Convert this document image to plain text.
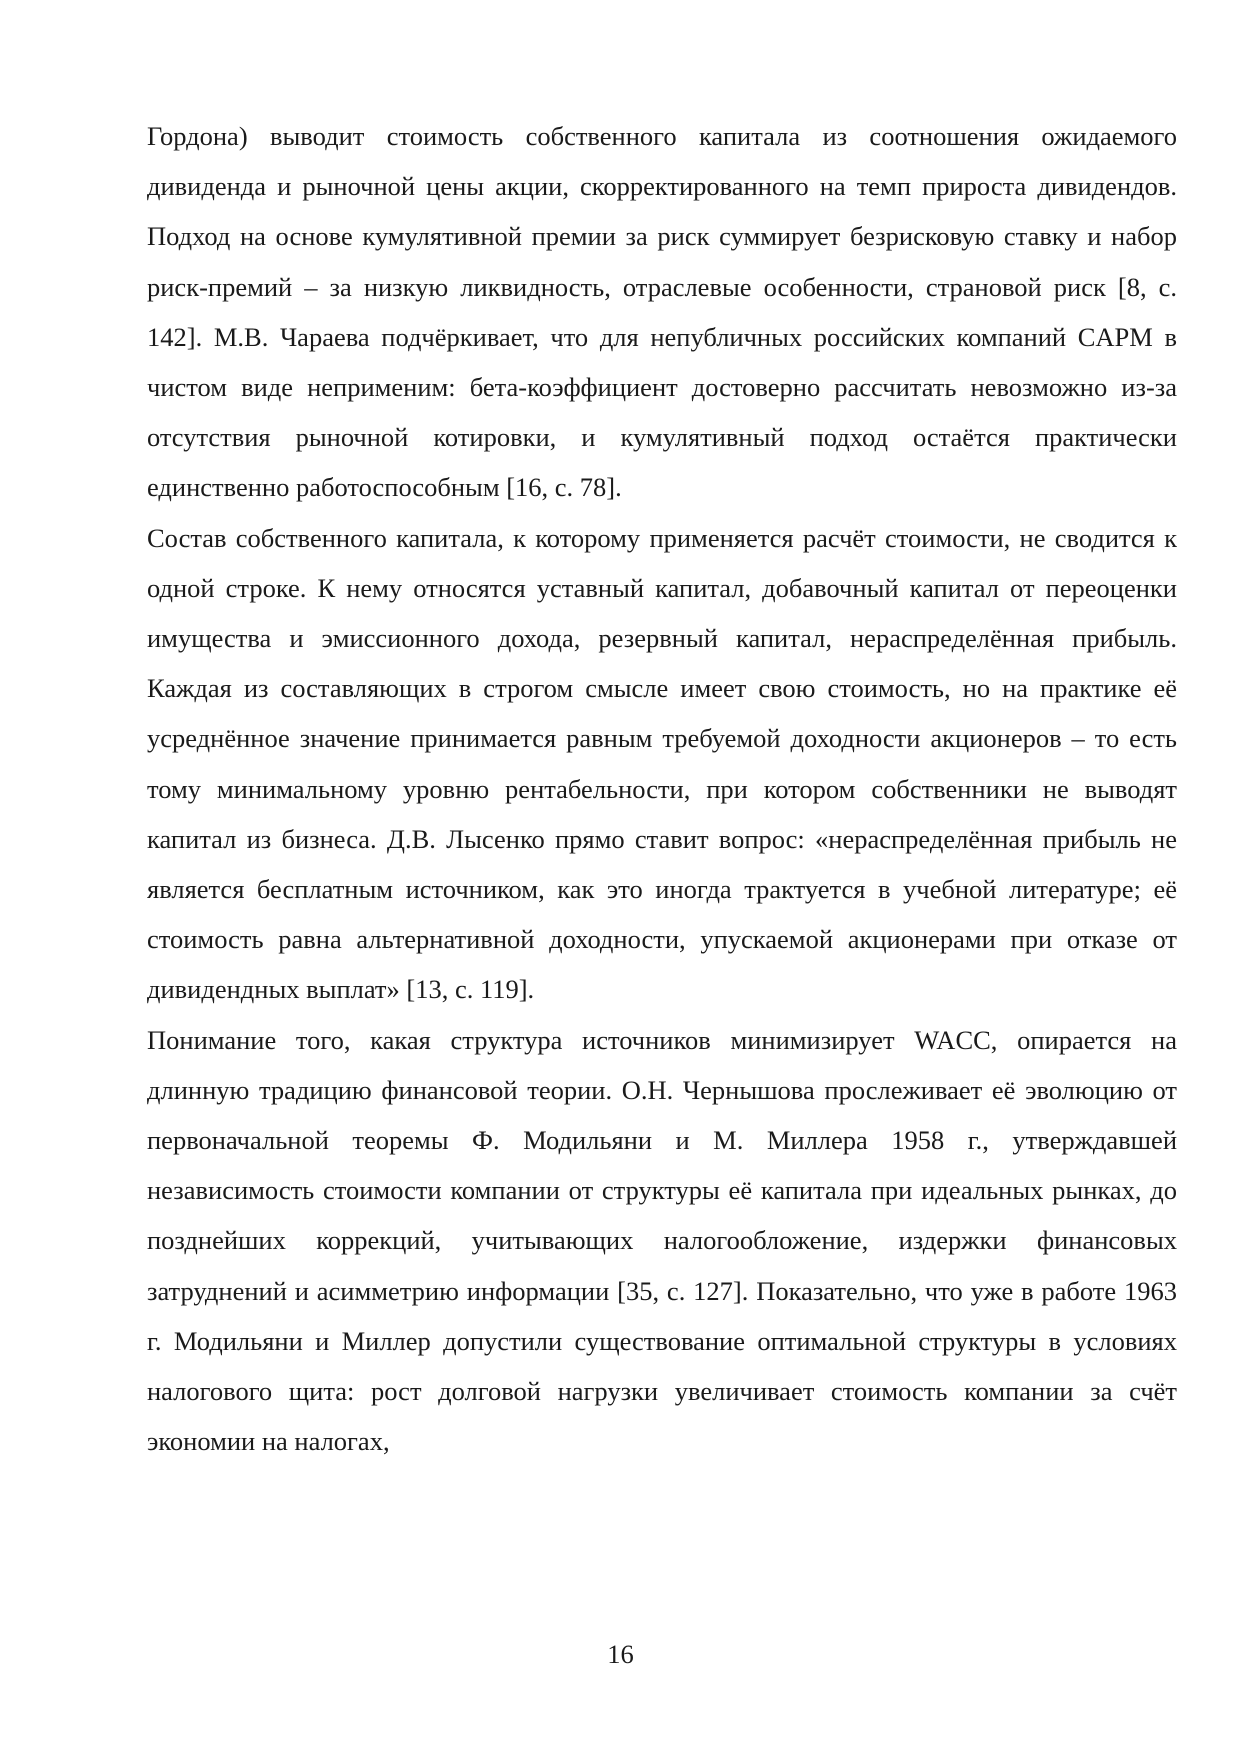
Гордона) выводит стоимость собственного капитала из соотношения ожидаемого дивиденда и рыночной цены акции, скорректированного на темп прироста дивидендов. Подход на основе кумулятивной премии за риск суммирует безрисковую ставку и набор риск-премий – за низкую ликвидность, отраслевые особенности, страновой риск [8, с. 142]. М.В. Чараева подчёркивает, что для непубличных российских компаний CAPM в чистом виде неприменим: бета-коэффициент достоверно рассчитать невозможно из-за отсутствия рыночной котировки, и кумулятивный подход остаётся практически единственно работоспособным [16, с. 78].

Состав собственного капитала, к которому применяется расчёт стоимости, не сводится к одной строке. К нему относятся уставный капитал, добавочный капитал от переоценки имущества и эмиссионного дохода, резервный капитал, нераспределённая прибыль. Каждая из составляющих в строгом смысле имеет свою стоимость, но на практике её усреднённое значение принимается равным требуемой доходности акционеров – то есть тому минимальному уровню рентабельности, при котором собственники не выводят капитал из бизнеса. Д.В. Лысенко прямо ставит вопрос: «нераспределённая прибыль не является бесплатным источником, как это иногда трактуется в учебной литературе; её стоимость равна альтернативной доходности, упускаемой акционерами при отказе от дивидендных выплат» [13, с. 119].

Понимание того, какая структура источников минимизирует WACC, опирается на длинную традицию финансовой теории. О.Н. Чернышова прослеживает её эволюцию от первоначальной теоремы Ф. Модильяни и М. Миллера 1958 г., утверждавшей независимость стоимости компании от структуры её капитала при идеальных рынках, до позднейших коррекций, учитывающих налогообложение, издержки финансовых затруднений и асимметрию информации [35, с. 127]. Показательно, что уже в работе 1963 г. Модильяни и Миллер допустили существование оптимальной структуры в условиях налогового щита: рост долговой нагрузки увеличивает стоимость компании за счёт экономии на налогах,

16
